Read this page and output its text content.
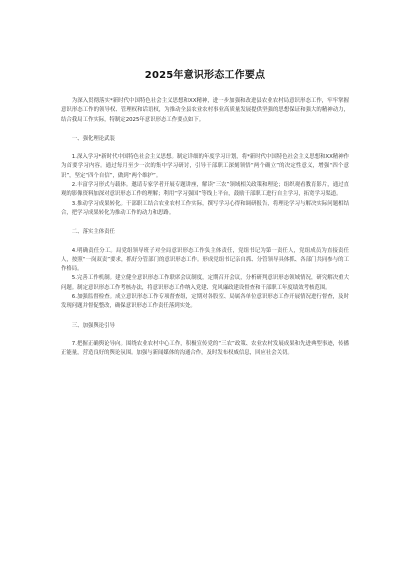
2025年意识形态工作要点

为深入贯彻落实*新时代中国特色社会主义思想和XX精神，进一步加强和改进县农业农村局意识形态工作，牢牢掌握意识形态工作的领导权、管理权和话语权，为推动全县农业农村事业高质量发展提供坚强的思想保证和强大的精神动力，结合我局工作实际，特制定2025年意识形态工作要点如下。

一、强化理论武装

1.深入学习*新时代中国特色社会主义思想。制定详细的年度学习计划，将*新时代中国特色社会主义思想和XX精神作为首要学习内容。通过每月至少一次的集中学习研讨，引导干部职工深刻领悟“两个确立”的决定性意义，增强“四个意识”，坚定“四个自信”，做到“两个维护”。

2.丰富学习形式与载体。邀请专家学者开展专题讲座，解读“三农”领域相关政策和理论；组织观看教育影片，通过直观的影像资料加深对意识形态工作的理解；利用“学习强国”等线上平台，鼓励干部职工进行自主学习，拓宽学习渠道。

3.推动学习成果转化。干部职工结合农业农村工作实际，撰写学习心得和调研报告，将理论学习与解决实际问题相结合，把学习成果转化为推动工作的动力和思路。

二、落实主体责任

4.明确责任分工。局党组领导班子对全局意识形态工作负主体责任，党组书记为第一责任人，党组成员为直接责任人，按照“一岗双责”要求，抓好分管部门的意识形态工作。形成党组书记亲自抓、分管领导具体抓、各部门共同参与的工作格局。

5.完善工作机制。建立健全意识形态工作联席会议制度，定期召开会议，分析研判意识形态领域情况，研究解决重大问题。制定意识形态工作考核办法，将意识形态工作纳入党建、党风廉政建设督查和干部职工年度绩效考核范围。

6.加强监督检查。成立意识形态工作专项督查组，定期对各股室、局属各单位意识形态工作开展情况进行督查，及时发现问题并督促整改，确保意识形态工作责任落到实处。

三、加强舆论引导

7.把握正确舆论导向。围绕农业农村中心工作，积极宣传党的“三农”政策、农业农村发展成果和先进典型事迹，传播正能量，营造良好的舆论氛围。加强与新闻媒体的沟通合作，及时发布权威信息，回应社会关切。
